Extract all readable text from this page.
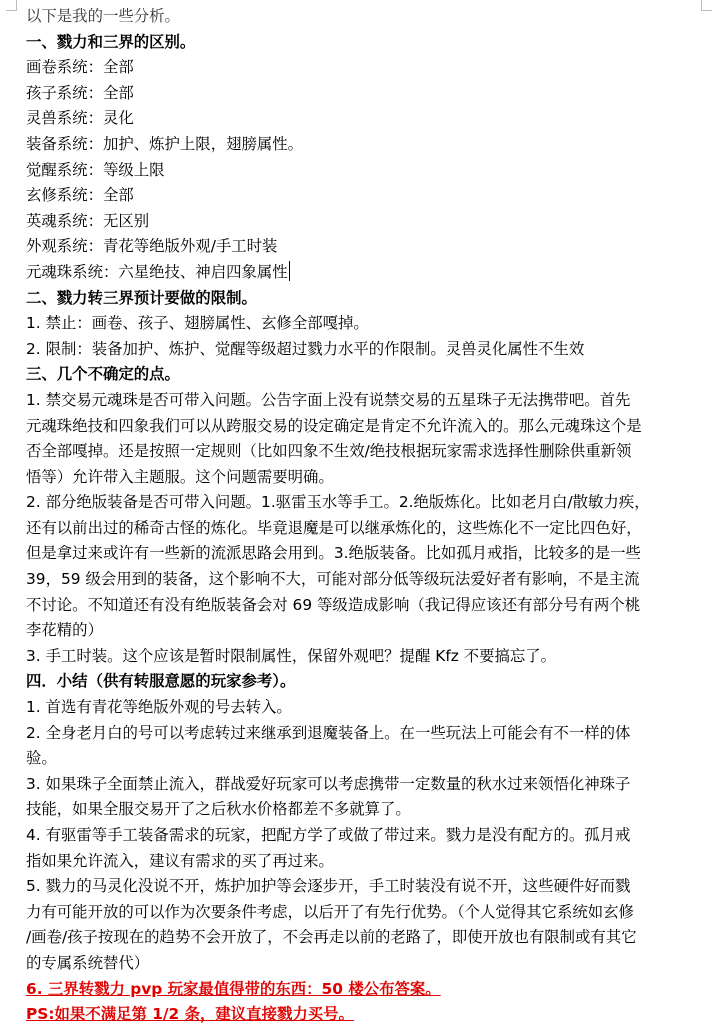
以下是我的一些分析。
一、戮力和三界的区别。
画卷系统：全部
孩子系统：全部
灵兽系统：灵化
装备系统：加护、炼护上限，翅膀属性。
觉醒系统：等级上限
玄修系统：全部
英魂系统：无区别
外观系统：青花等绝版外观/手工时装
元魂珠系统：六星绝技、神启四象属性
二、戮力转三界预计要做的限制。
1. 禁止：画卷、孩子、翅膀属性、玄修全部嘎掉。
2. 限制：装备加护、炼护、觉醒等级超过戮力水平的作限制。灵兽灵化属性不生效
三、几个不确定的点。
1. 禁交易元魂珠是否可带入问题。公告字面上没有说禁交易的五星珠子无法携带吧。首先
元魂珠绝技和四象我们可以从跨服交易的设定确定是肯定不允许流入的。那么元魂珠这个是
否全部嘎掉。还是按照一定规则（比如四象不生效/绝技根据玩家需求选择性删除供重新领
悟等）允许带入主题服。这个问题需要明确。
2. 部分绝版装备是否可带入问题。1.驱雷玉水等手工。2.绝版炼化。比如老月白/散敏力疾，
还有以前出过的稀奇古怪的炼化。毕竟退魔是可以继承炼化的，这些炼化不一定比四色好，
但是拿过来或许有一些新的流派思路会用到。3.绝版装备。比如孤月戒指，比较多的是一些
39，59 级会用到的装备，这个影响不大，可能对部分低等级玩法爱好者有影响，不是主流
不讨论。不知道还有没有绝版装备会对 69 等级造成影响（我记得应该还有部分号有两个桃
李花精的）
3. 手工时装。这个应该是暂时限制属性，保留外观吧？提醒 Kfz 不要搞忘了。
四．小结（供有转服意愿的玩家参考）。
1. 首选有青花等绝版外观的号去转入。
2. 全身老月白的号可以考虑转过来继承到退魔装备上。在一些玩法上可能会有不一样的体
验。
3. 如果珠子全面禁止流入，群战爱好玩家可以考虑携带一定数量的秋水过来领悟化神珠子
技能，如果全服交易开了之后秋水价格都差不多就算了。
4. 有驱雷等手工装备需求的玩家，把配方学了或做了带过来。戮力是没有配方的。孤月戒
指如果允许流入，建议有需求的买了再过来。
5. 戮力的马灵化没说不开，炼护加护等会逐步开，手工时装没有说不开，这些硬件好而戮
力有可能开放的可以作为次要条件考虑，以后开了有先行优势。（个人觉得其它系统如玄修
/画卷/孩子按现在的趋势不会开放了，不会再走以前的老路了，即使开放也有限制或有其它
的专属系统替代）
6. 三界转戮力 pvp 玩家最值得带的东西：50 楼公布答案。
PS:如果不满足第 1/2 条，建议直接戮力买号。
